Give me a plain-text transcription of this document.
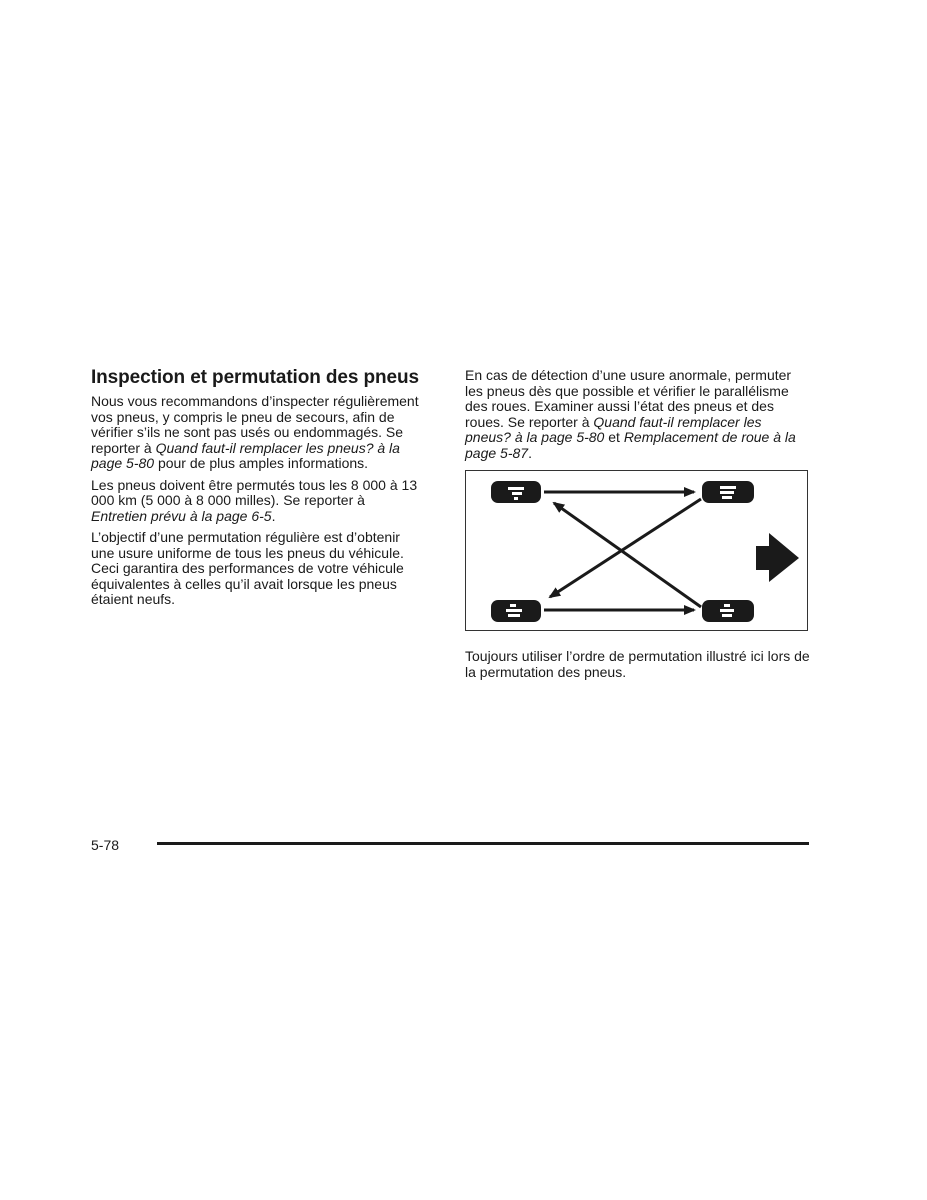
Inspection et permutation des pneus

Nous vous recommandons d’inspecter régulièrement vos pneus, y compris le pneu de secours, afin de vérifier s’ils ne sont pas usés ou endommagés. Se reporter à Quand faut-il remplacer les pneus? à la page 5-80 pour de plus amples informations.

Les pneus doivent être permutés tous les 8 000 à 13 000 km (5 000 à 8 000 milles). Se reporter à Entretien prévu à la page 6-5.

L’objectif d’une permutation régulière est d’obtenir une usure uniforme de tous les pneus du véhicule. Ceci garantira des performances de votre véhicule équivalentes à celles qu’il avait lorsque les pneus étaient neufs.

En cas de détection d’une usure anormale, permuter les pneus dès que possible et vérifier le parallélisme des roues. Examiner aussi l’état des pneus et des roues. Se reporter à Quand faut-il remplacer les pneus? à la page 5-80 et Remplacement de roue à la page 5-87.

Toujours utiliser l’ordre de permutation illustré ici lors de la permutation des pneus.

5-78
